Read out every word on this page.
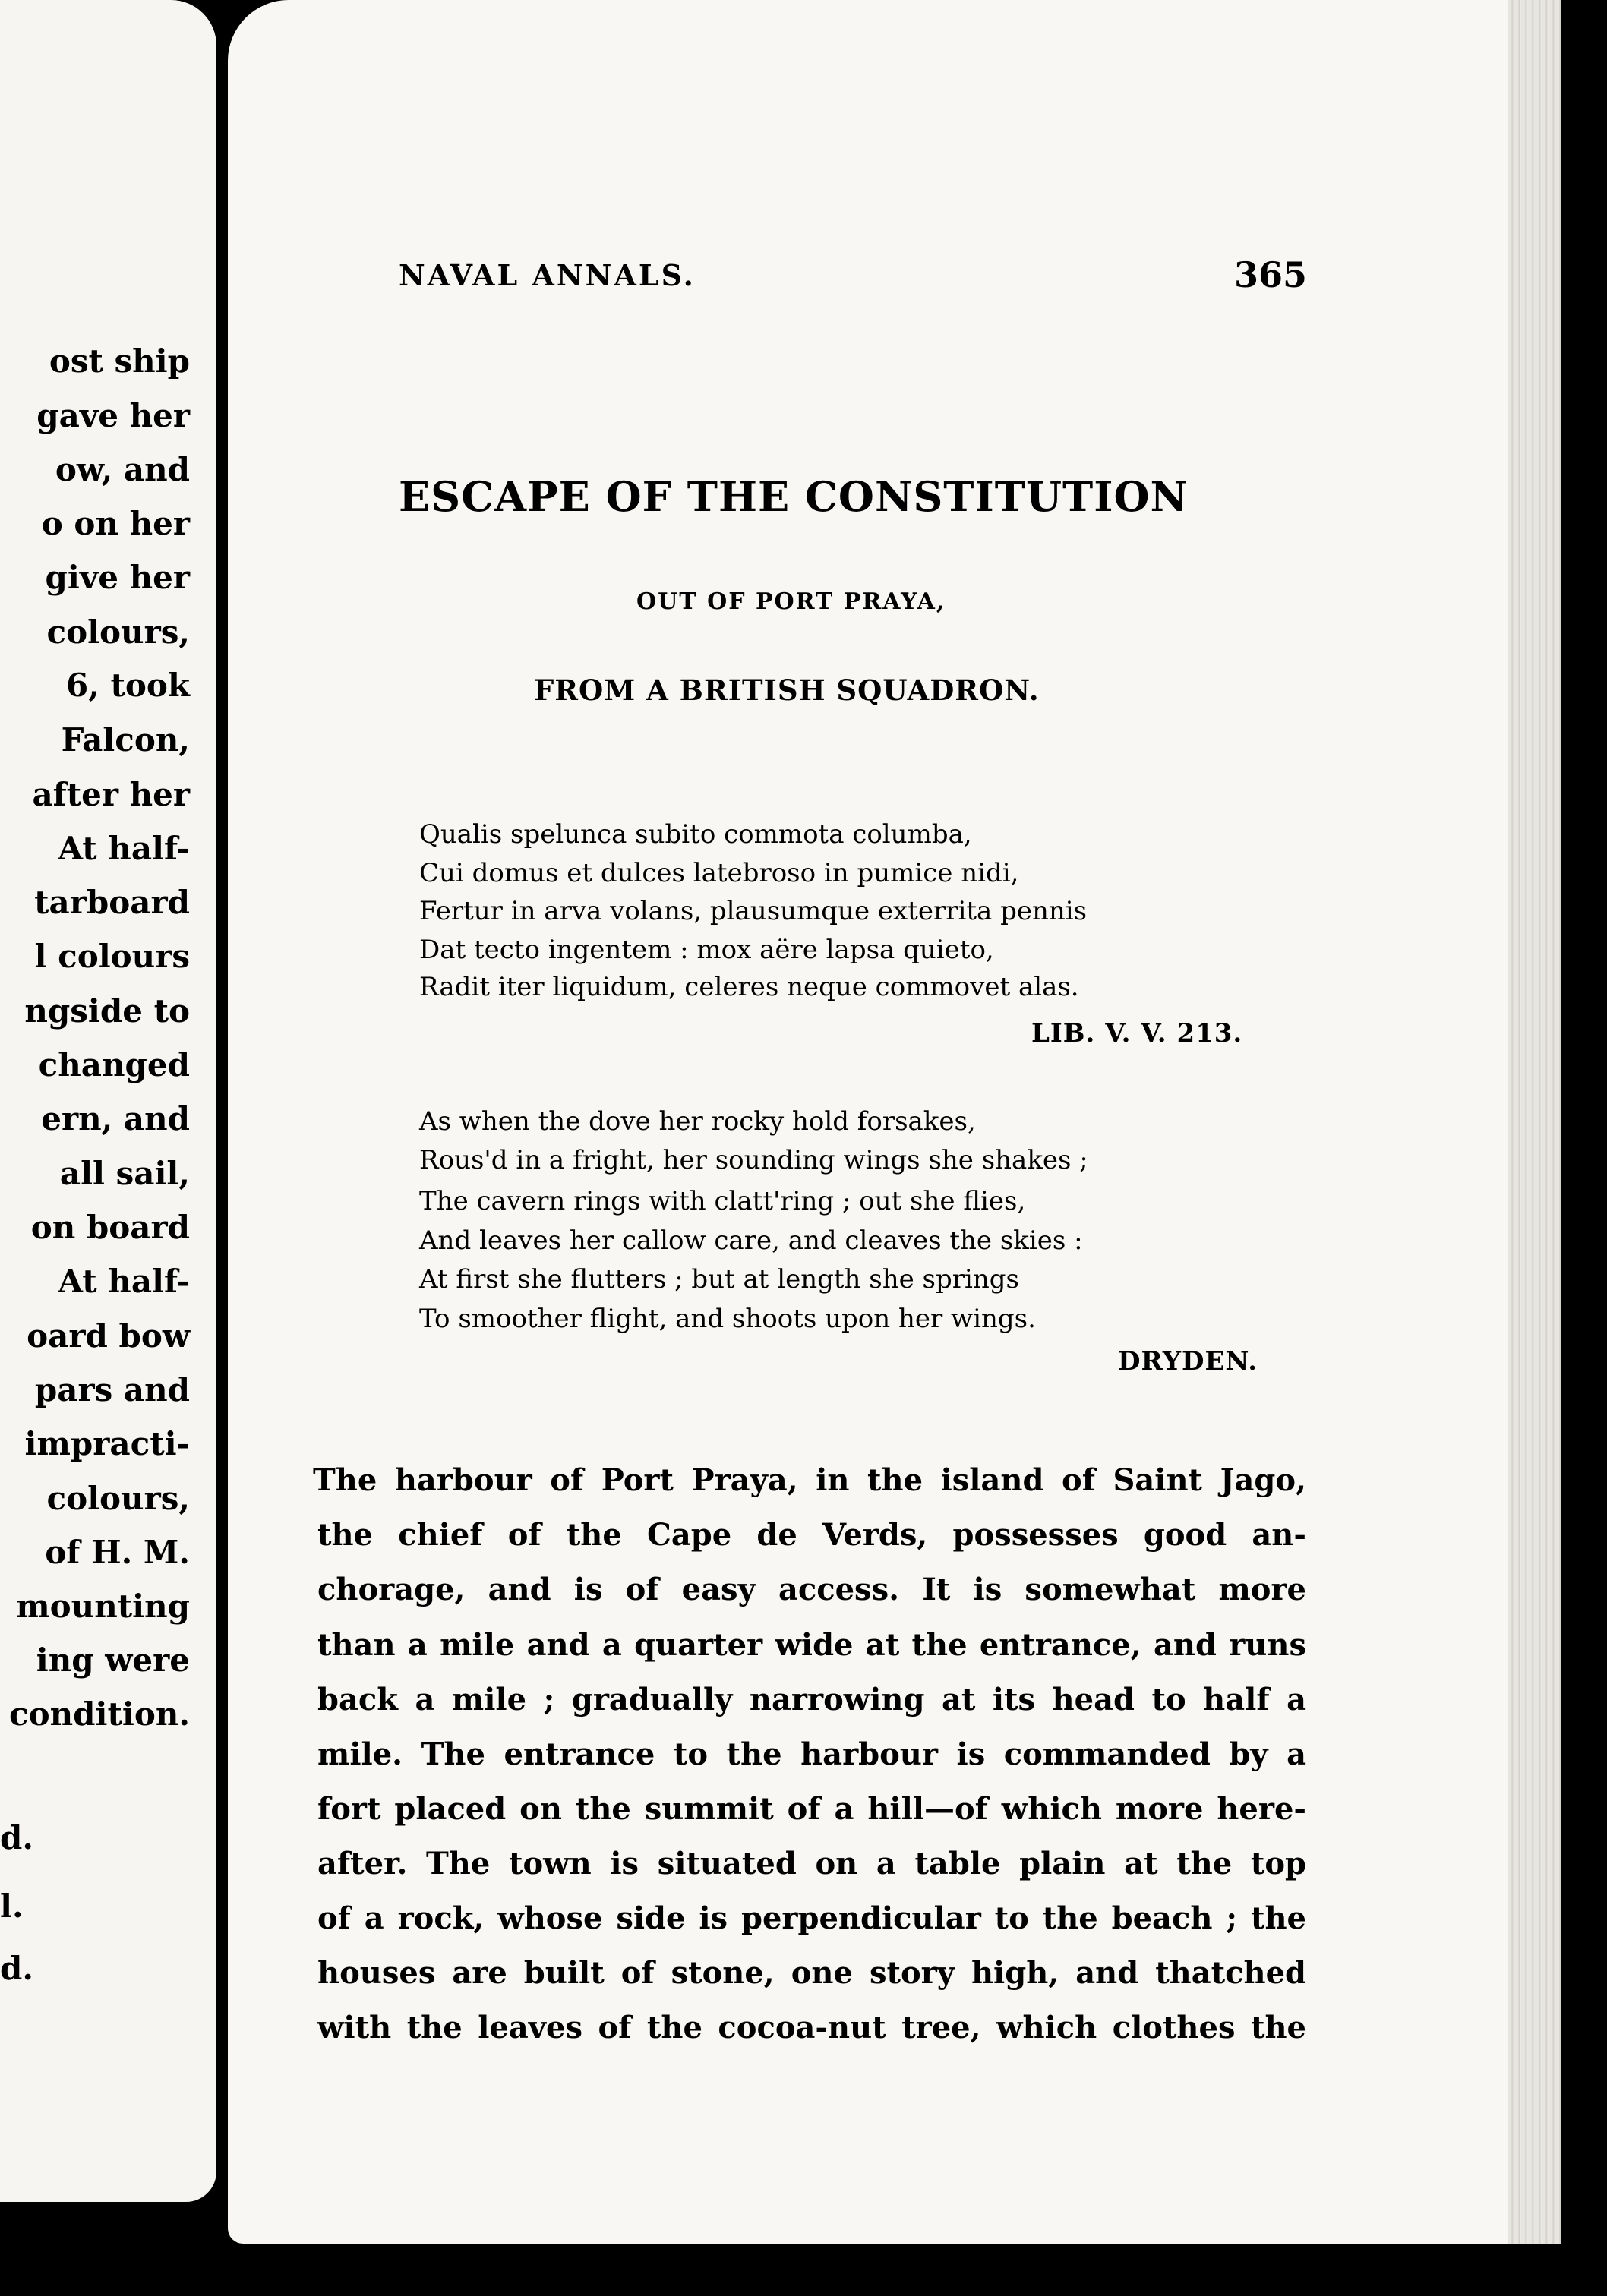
ost ship
gave her
ow, and
o on her
give her
colours,
6, took
Falcon,
after her
At half-
tarboard
l colours
ngside to
changed
ern, and
all sail,
on board
At half-
oard bow
pars and
impracti-
colours,
of H. M.
mounting
ing were
condition.
d.
l.
d.
NAVAL ANNALS.	365
ESCAPE OF THE CONSTITUTION
OUT OF PORT PRAYA,
FROM A BRITISH SQUADRON.
Qualis spelunca subito commota columba,
Cui domus et dulces latebroso in pumice nidi,
Fertur in arva volans, plausumque exterrita pennis
Dat tecto ingentem : mox aëre lapsa quieto,
Radit iter liquidum, celeres neque commovet alas.
LIB. V. V. 213.
As when the dove her rocky hold forsakes,
Rous'd in a fright, her sounding wings she shakes ;
The cavern rings with clatt'ring ; out she flies,
And leaves her callow care, and cleaves the skies :
At first she flutters ; but at length she springs
To smoother flight, and shoots upon her wings.
DRYDEN.
The harbour of Port Praya, in the island of Saint Jago,
the chief of the Cape de Verds, possesses good an-
chorage, and is of easy access. It is somewhat more
than a mile and a quarter wide at the entrance, and runs
back a mile ; gradually narrowing at its head to half a
mile. The entrance to the harbour is commanded by a
fort placed on the summit of a hill—of which more here-
after. The town is situated on a table plain at the top
of a rock, whose side is perpendicular to the beach ; the
houses are built of stone, one story high, and thatched
with the leaves of the cocoa-nut tree, which clothes the
